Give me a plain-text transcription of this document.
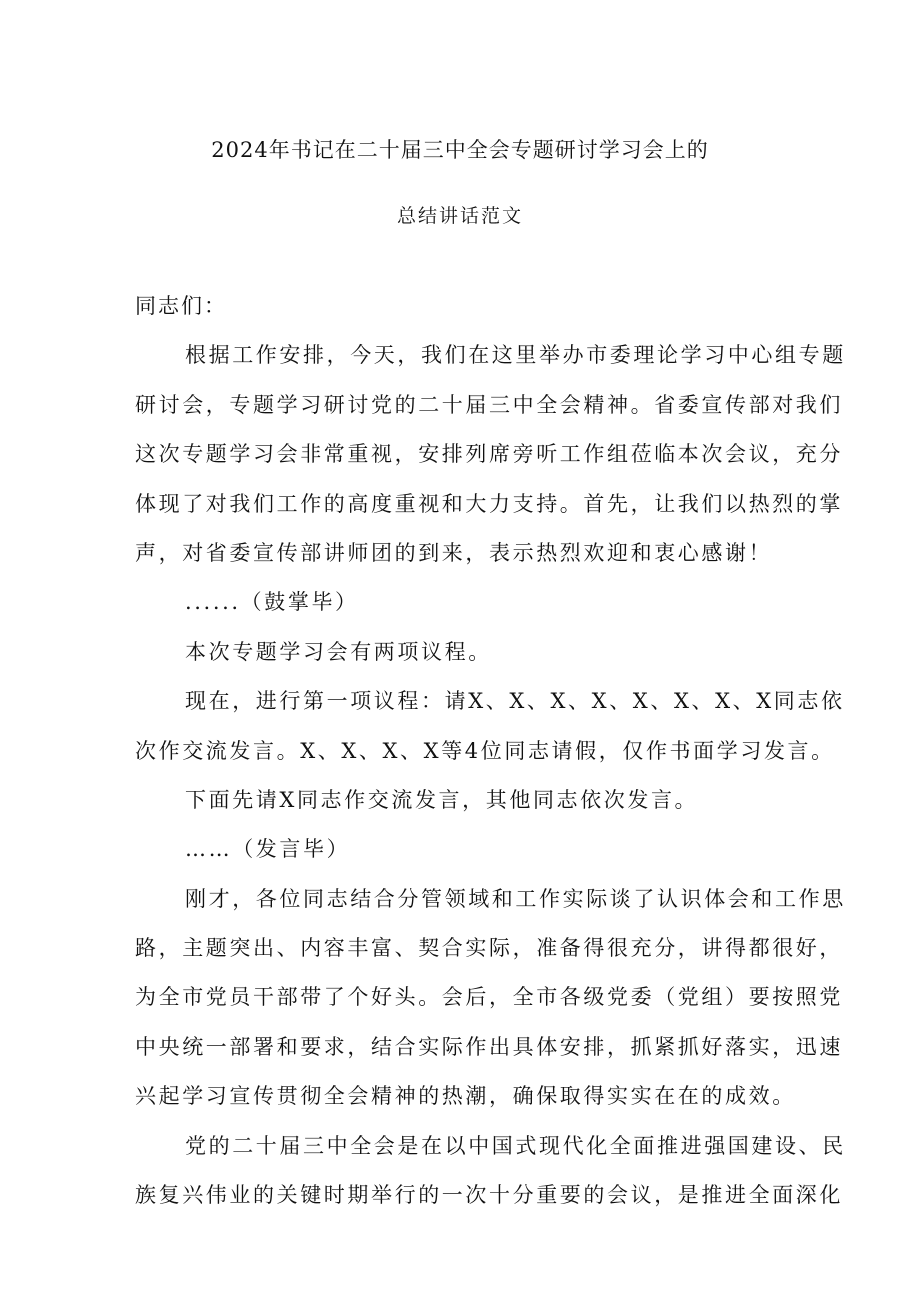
2024年书记在二十届三中全会专题研讨学习会上的
总结讲话范文
同志们：
根据工作安排，今天，我们在这里举办市委理论学习中心组专题
研讨会，专题学习研讨党的二十届三中全会精神。省委宣传部对我们
这次专题学习会非常重视，安排列席旁听工作组莅临本次会议，充分
体现了对我们工作的高度重视和大力支持。首先，让我们以热烈的掌
声，对省委宣传部讲师团的到来，表示热烈欢迎和衷心感谢！
......（鼓掌毕）
本次专题学习会有两项议程。
现在，进行第一项议程：请X、X、X、X、X、X、X、X同志依
次作交流发言。X、X、X、X等4位同志请假，仅作书面学习发言。
下面先请X同志作交流发言，其他同志依次发言。
……（发言毕）
刚才，各位同志结合分管领域和工作实际谈了认识体会和工作思
路，主题突出、内容丰富、契合实际，准备得很充分，讲得都很好，
为全市党员干部带了个好头。会后，全市各级党委（党组）要按照党
中央统一部署和要求，结合实际作出具体安排，抓紧抓好落实，迅速
兴起学习宣传贯彻全会精神的热潮，确保取得实实在在的成效。
党的二十届三中全会是在以中国式现代化全面推进强国建设、民
族复兴伟业的关键时期举行的一次十分重要的会议，是推进全面深化
